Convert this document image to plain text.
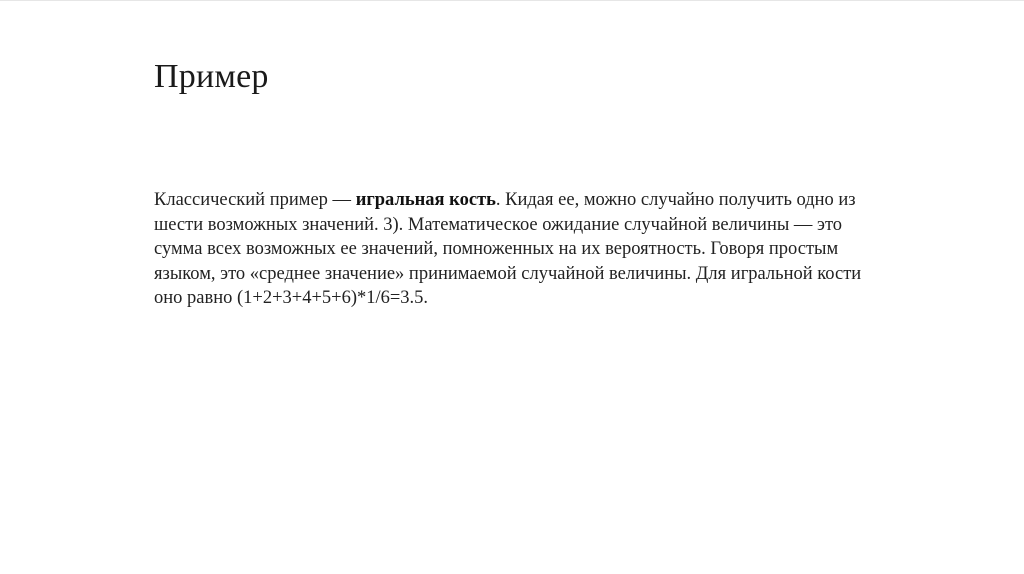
Пример

Классический пример — игральная кость. Кидая ее, можно случайно получить одно из
шести возможных значений. 3). Математическое ожидание случайной величины — это
сумма всех возможных ее значений, помноженных на их вероятность. Говоря простым
языком, это «среднее значение» принимаемой случайной величины. Для игральной кости
оно равно (1+2+3+4+5+6)*1/6=3.5.
